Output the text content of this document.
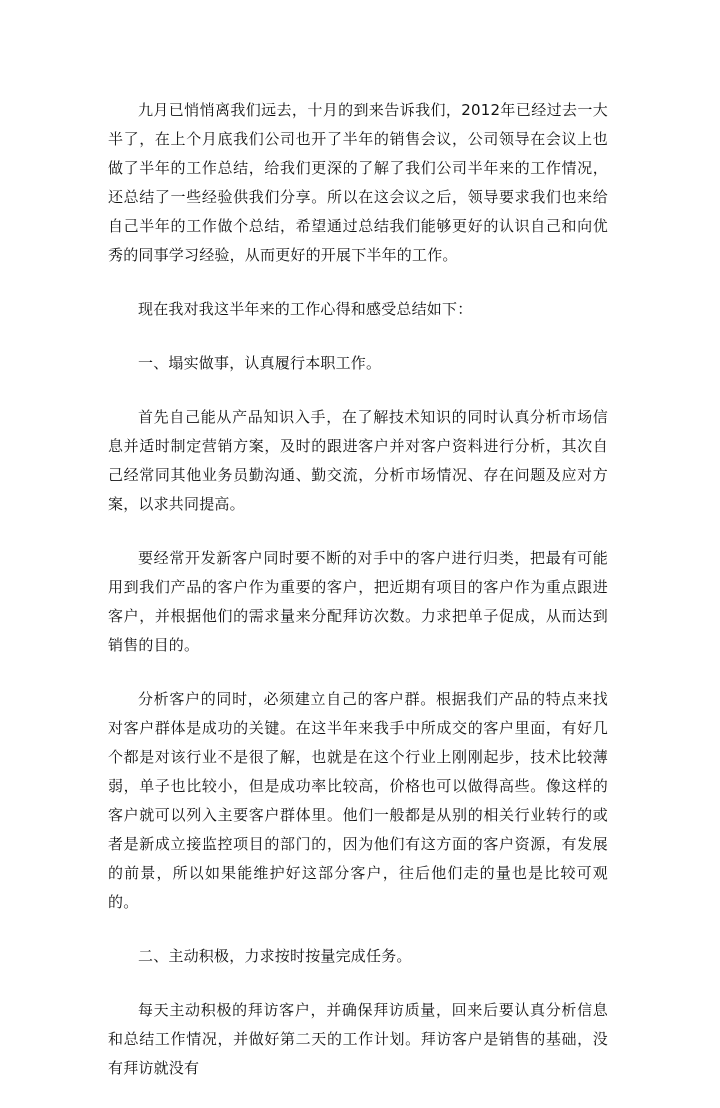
九月已悄悄离我们远去，十月的到来告诉我们，2012年已经过去一大半了，在上个月底我们公司也开了半年的销售会议，公司领导在会议上也做了半年的工作总结，给我们更深的了解了我们公司半年来的工作情况，还总结了一些经验供我们分享。所以在这会议之后，领导要求我们也来给自己半年的工作做个总结，希望通过总结我们能够更好的认识自己和向优秀的同事学习经验，从而更好的开展下半年的工作。

现在我对我这半年来的工作心得和感受总结如下：

一、塌实做事，认真履行本职工作。

首先自己能从产品知识入手，在了解技术知识的同时认真分析市场信息并适时制定营销方案，及时的跟进客户并对客户资料进行分析，其次自己经常同其他业务员勤沟通、勤交流，分析市场情况、存在问题及应对方案，以求共同提高。

要经常开发新客户同时要不断的对手中的客户进行归类，把最有可能用到我们产品的客户作为重要的客户，把近期有项目的客户作为重点跟进客户，并根据他们的需求量来分配拜访次数。力求把单子促成，从而达到销售的目的。

分析客户的同时，必须建立自己的客户群。根据我们产品的特点来找对客户群体是成功的关键。在这半年来我手中所成交的客户里面，有好几个都是对该行业不是很了解，也就是在这个行业上刚刚起步，技术比较薄弱，单子也比较小，但是成功率比较高，价格也可以做得高些。像这样的客户就可以列入主要客户群体里。他们一般都是从别的相关行业转行的或者是新成立接监控项目的部门的，因为他们有这方面的客户资源，有发展的前景，所以如果能维护好这部分客户，往后他们走的量也是比较可观的。

二、主动积极，力求按时按量完成任务。

每天主动积极的拜访客户，并确保拜访质量，回来后要认真分析信息和总结工作情况，并做好第二天的工作计划。拜访客户是销售的基础，没有拜访就没有
